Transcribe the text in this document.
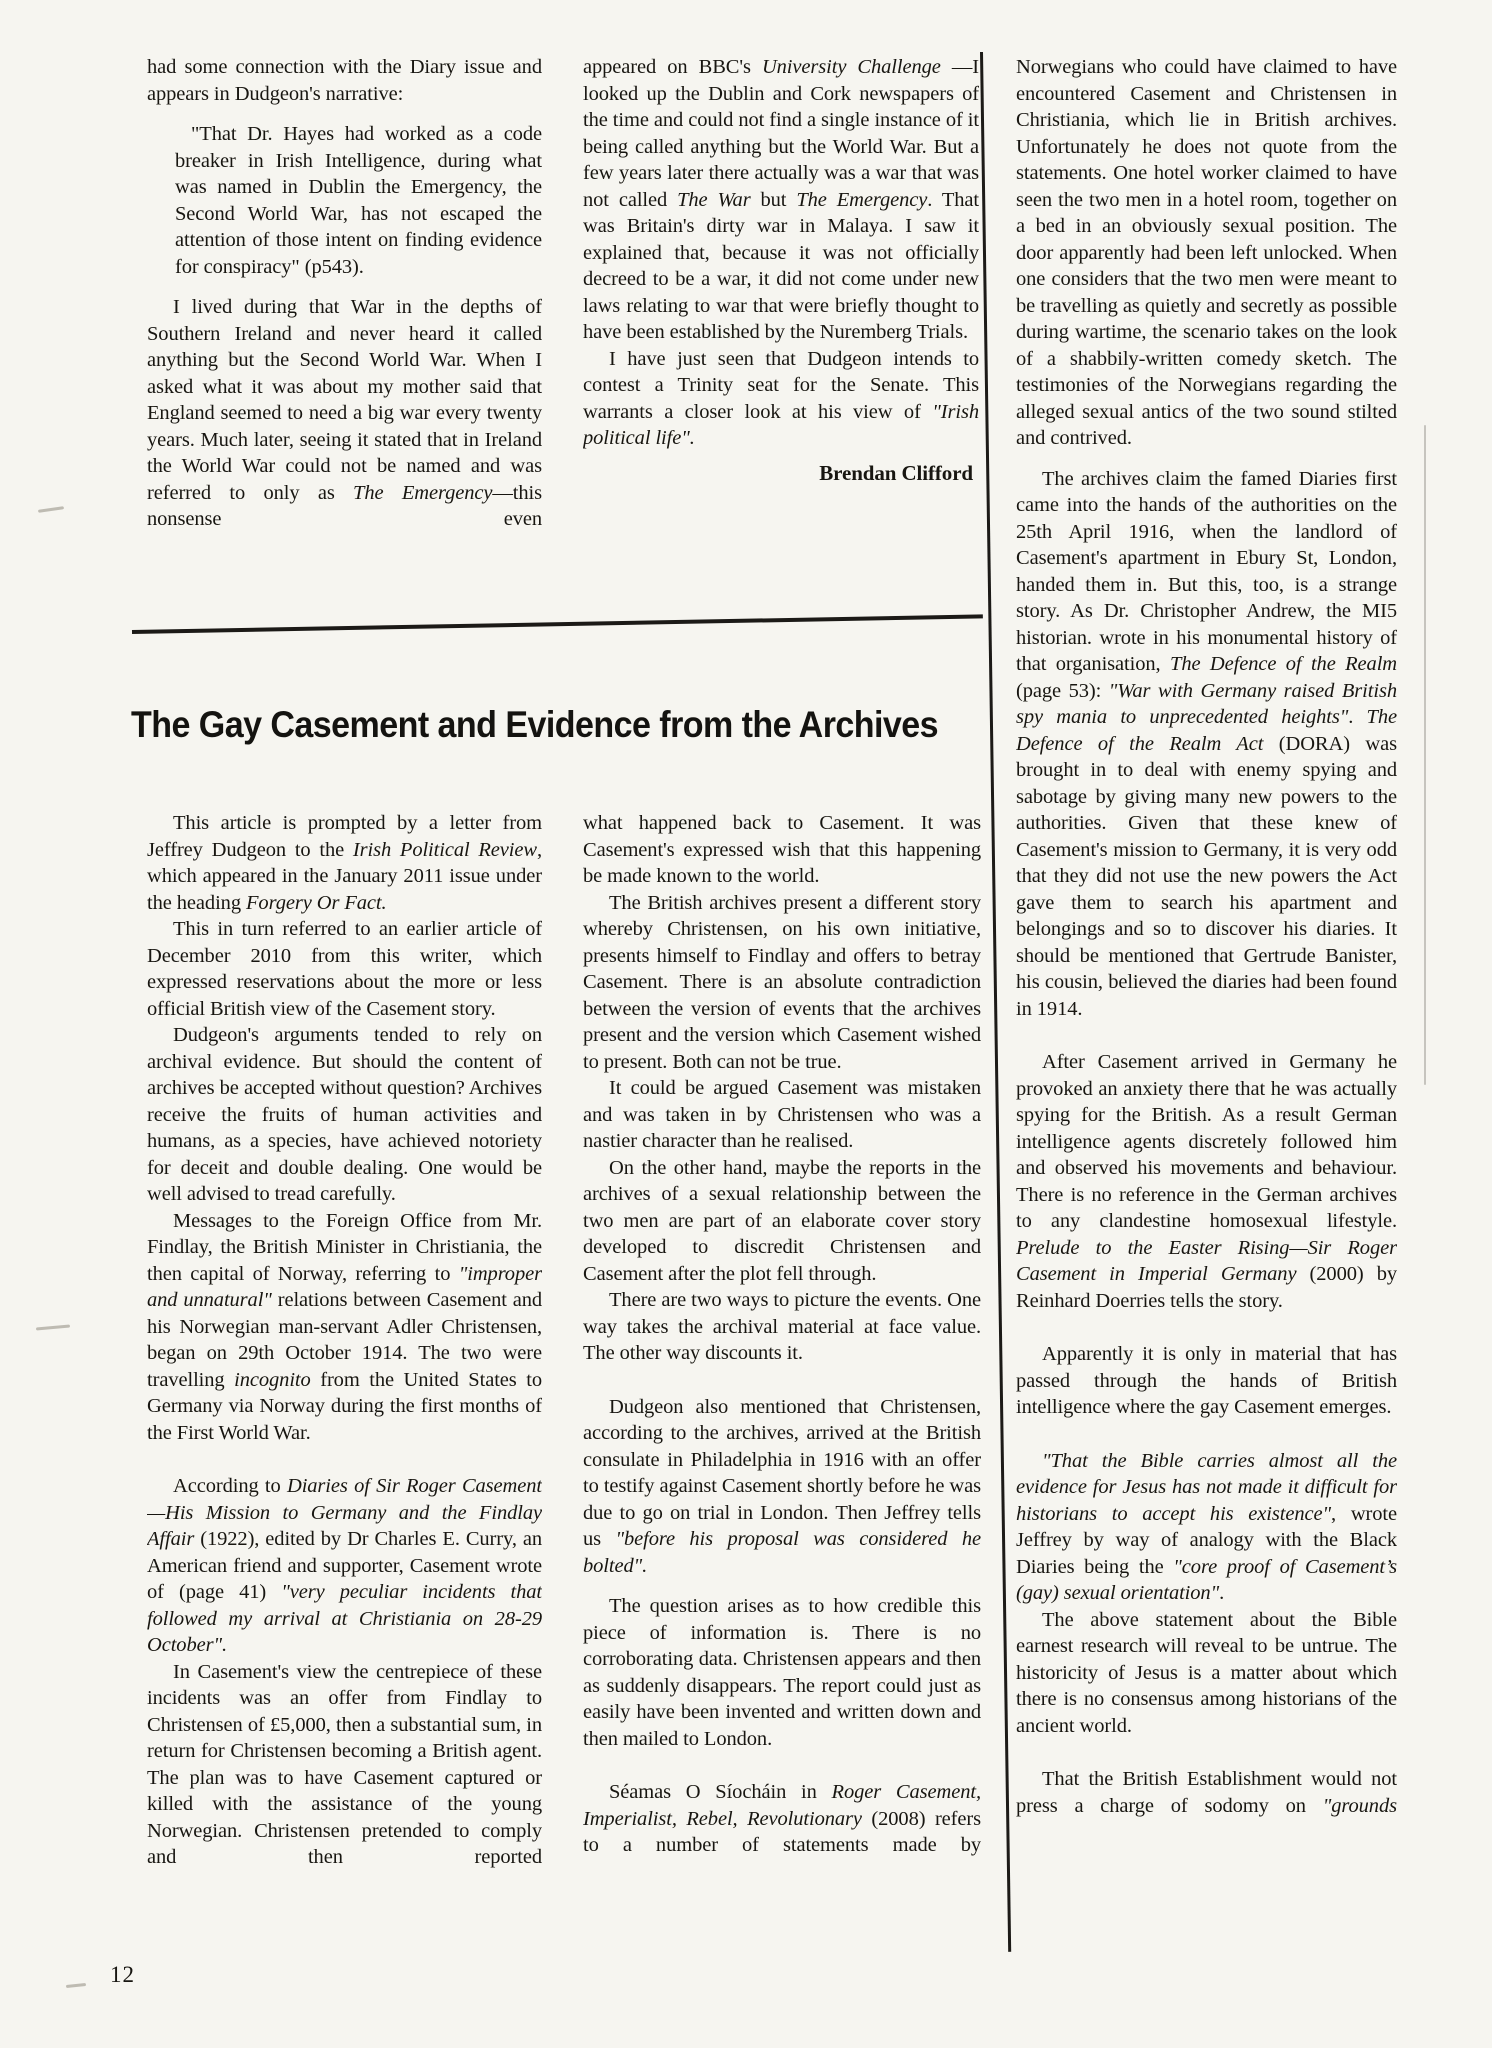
had some connection with the Diary issue and appears in Dudgeon's narrative:

"That Dr. Hayes had worked as a code breaker in Irish Intelligence, during what was named in Dublin the Emergency, the Second World War, has not escaped the attention of those intent on finding evidence for conspiracy" (p543).

I lived during that War in the depths of Southern Ireland and never heard it called anything but the Second World War. When I asked what it was about my mother said that England seemed to need a big war every twenty years. Much later, seeing it stated that in Ireland the World War could not be named and was referred to only as The Emergency—this nonsense even

appeared on BBC's University Challenge —I looked up the Dublin and Cork newspapers of the time and could not find a single instance of it being called anything but the World War. But a few years later there actually was a war that was not called The War but The Emergency. That was Britain's dirty war in Malaya. I saw it explained that, because it was not officially decreed to be a war, it did not come under new laws relating to war that were briefly thought to have been established by the Nuremberg Trials.

I have just seen that Dudgeon intends to contest a Trinity seat for the Senate. This warrants a closer look at his view of "Irish political life".

Brendan Clifford
The Gay Casement and Evidence from the Archives

This article is prompted by a letter from Jeffrey Dudgeon to the Irish Political Review, which appeared in the January 2011 issue under the heading Forgery Or Fact.

This in turn referred to an earlier article of December 2010 from this writer, which expressed reservations about the more or less official British view of the Casement story.

Dudgeon's arguments tended to rely on archival evidence. But should the content of archives be accepted without question? Archives receive the fruits of human activities and humans, as a species, have achieved notoriety for deceit and double dealing. One would be well advised to tread carefully.

Messages to the Foreign Office from Mr. Findlay, the British Minister in Christiania, the then capital of Norway, referring to "improper and unnatural" relations between Casement and his Norwegian man-servant Adler Christensen, began on 29th October 1914. The two were travelling incognito from the United States to Germany via Norway during the first months of the First World War.

According to Diaries of Sir Roger Casement—His Mission to Germany and the Findlay Affair (1922), edited by Dr Charles E. Curry, an American friend and supporter, Casement wrote of (page 41) "very peculiar incidents that followed my arrival at Christiania on 28-29 October".

In Casement's view the centrepiece of these incidents was an offer from Findlay to Christensen of £5,000, then a substantial sum, in return for Christensen becoming a British agent. The plan was to have Casement captured or killed with the assistance of the young Norwegian. Christensen pretended to comply and then reported

what happened back to Casement. It was Casement's expressed wish that this happening be made known to the world.

The British archives present a different story whereby Christensen, on his own initiative, presents himself to Findlay and offers to betray Casement. There is an absolute contradiction between the version of events that the archives present and the version which Casement wished to present. Both can not be true.

It could be argued Casement was mistaken and was taken in by Christensen who was a nastier character than he realised.

On the other hand, maybe the reports in the archives of a sexual relationship between the two men are part of an elaborate cover story developed to discredit Christensen and Casement after the plot fell through.

There are two ways to picture the events. One way takes the archival material at face value. The other way discounts it.

Dudgeon also mentioned that Christensen, according to the archives, arrived at the British consulate in Philadelphia in 1916 with an offer to testify against Casement shortly before he was due to go on trial in London. Then Jeffrey tells us "before his proposal was considered he bolted".

The question arises as to how credible this piece of information is. There is no corroborating data. Christensen appears and then as suddenly disappears. The report could just as easily have been invented and written down and then mailed to London.

Séamas O Síocháin in Roger Casement, Imperialist, Rebel, Revolutionary (2008) refers to a number of statements made by

Norwegians who could have claimed to have encountered Casement and Christensen in Christiania, which lie in British archives. Unfortunately he does not quote from the statements. One hotel worker claimed to have seen the two men in a hotel room, together on a bed in an obviously sexual position. The door apparently had been left unlocked. When one considers that the two men were meant to be travelling as quietly and secretly as possible during wartime, the scenario takes on the look of a shabbily-written comedy sketch. The testimonies of the Norwegians regarding the alleged sexual antics of the two sound stilted and contrived.

The archives claim the famed Diaries first came into the hands of the authorities on the 25th April 1916, when the landlord of Casement's apartment in Ebury St, London, handed them in. But this, too, is a strange story. As Dr. Christopher Andrew, the MI5 historian. wrote in his monumental history of that organisation, The Defence of the Realm (page 53): "War with Germany raised British spy mania to unprecedented heights". The Defence of the Realm Act (DORA) was brought in to deal with enemy spying and sabotage by giving many new powers to the authorities. Given that these knew of Casement's mission to Germany, it is very odd that they did not use the new powers the Act gave them to search his apartment and belongings and so to discover his diaries. It should be mentioned that Gertrude Banister, his cousin, believed the diaries had been found in 1914.

After Casement arrived in Germany he provoked an anxiety there that he was actually spying for the British. As a result German intelligence agents discretely followed him and observed his movements and behaviour. There is no reference in the German archives to any clandestine homosexual lifestyle. Prelude to the Easter Rising—Sir Roger Casement in Imperial Germany (2000) by Reinhard Doerries tells the story.

Apparently it is only in material that has passed through the hands of British intelligence where the gay Casement emerges.

"That the Bible carries almost all the evidence for Jesus has not made it difficult for historians to accept his existence", wrote Jeffrey by way of analogy with the Black Diaries being the "core proof of Casement’s (gay) sexual orientation".

The above statement about the Bible earnest research will reveal to be untrue. The historicity of Jesus is a matter about which there is no consensus among historians of the ancient world.

That the British Establishment would not press a charge of sodomy on "grounds

12
